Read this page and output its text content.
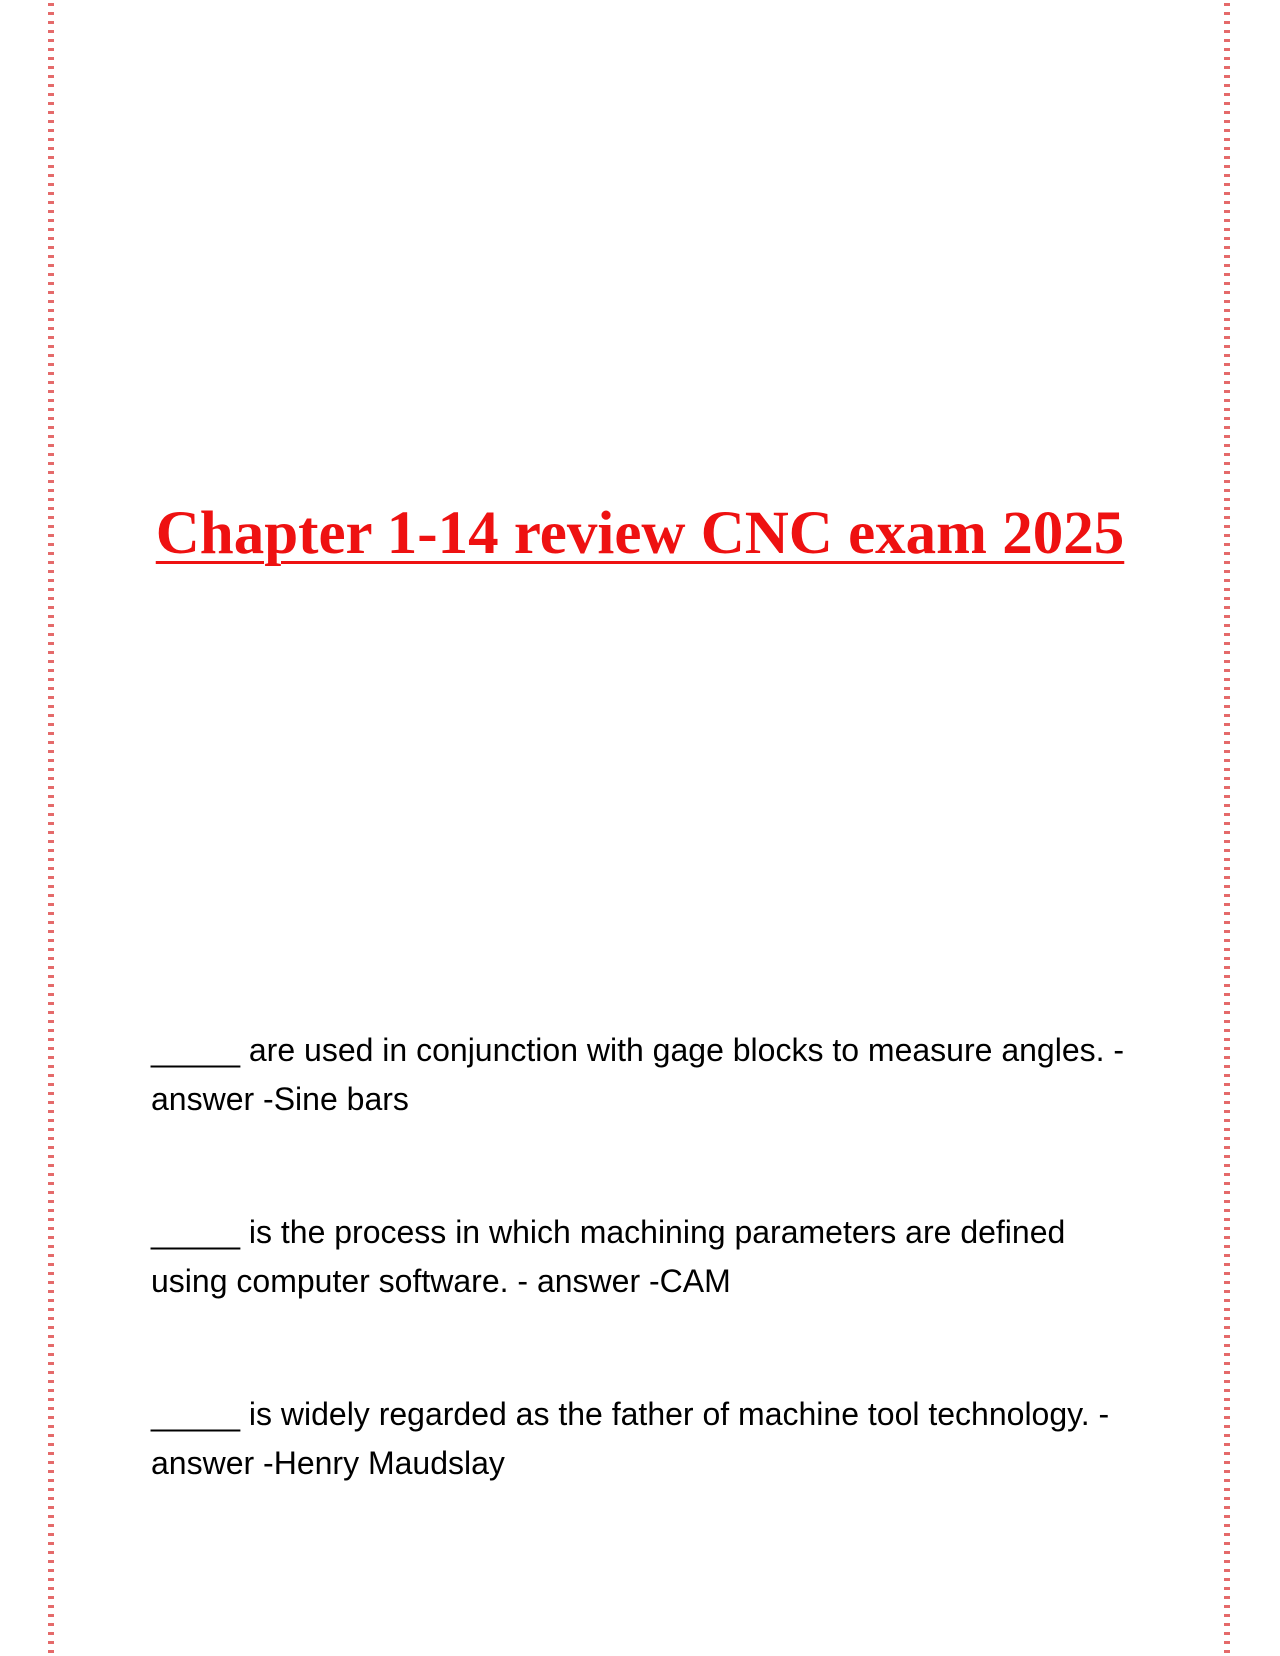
Chapter 1-14 review CNC exam 2025

_____ are used in conjunction with gage blocks to measure angles. - answer -Sine bars

_____ is the process in which machining parameters are defined using computer software. - answer -CAM

_____ is widely regarded as the father of machine tool technology. - answer -Henry Maudslay
